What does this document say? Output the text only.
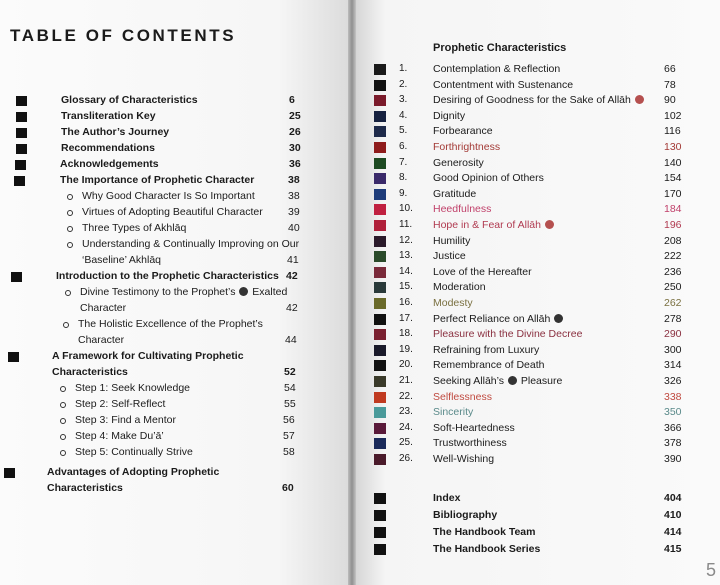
TABLE OF CONTENTS
Glossary of Characteristics	6
Transliteration Key	25
The Author’s Journey	26
Recommendations	30
Acknowledgements	36
The Importance of Prophetic Character	38
Why Good Character Is So Important	38
Virtues of Adopting Beautiful Character 39
Three Types of Akhlāq	40
Understanding & Continually Improving on Our
‘Baseline’ Akhlāq	41
Introduction to the Prophetic Characteristics 42
Divine Testimony to the Prophet’s  Exalted
Character	42
The Holistic Excellence of the Prophet’s
Character	44
A Framework for Cultivating Prophetic
Characteristics	52
Step 1: Seek Knowledge	54
Step 2: Self-Reflect	55
Step 3: Find a Mentor	56
Step 4: Make Du’ā’	57
Step 5: Continually Strive	58
Advantages of Adopting Prophetic
Characteristics	60
Prophetic Characteristics
1. Contemplation & Reflection	66
2. Contentment with Sustenance	78
3. Desiring of Goodness for the Sake of Allāh	90
4. Dignity	102
5. Forbearance	116
6. Forthrightness	130
7. Generosity	140
8. Good Opinion of Others	154
9. Gratitude	170
10. Heedfulness	184
11. Hope in & Fear of Allāh	196
12. Humility	208
13. Justice	222
14. Love of the Hereafter	236
15. Moderation	250
16. Modesty	262
17. Perfect Reliance on Allāh	278
18. Pleasure with the Divine Decree	290
19. Refraining from Luxury	300
20. Remembrance of Death	314
21. Seeking Allāh’s  Pleasure	326
22. Selflessness	338
23. Sincerity	350
24. Soft-Heartedness	366
25. Trustworthiness	378
26. Well-Wishing	390
Index	404
Bibliography	410
The Handbook Team	414
The Handbook Series	415
5
